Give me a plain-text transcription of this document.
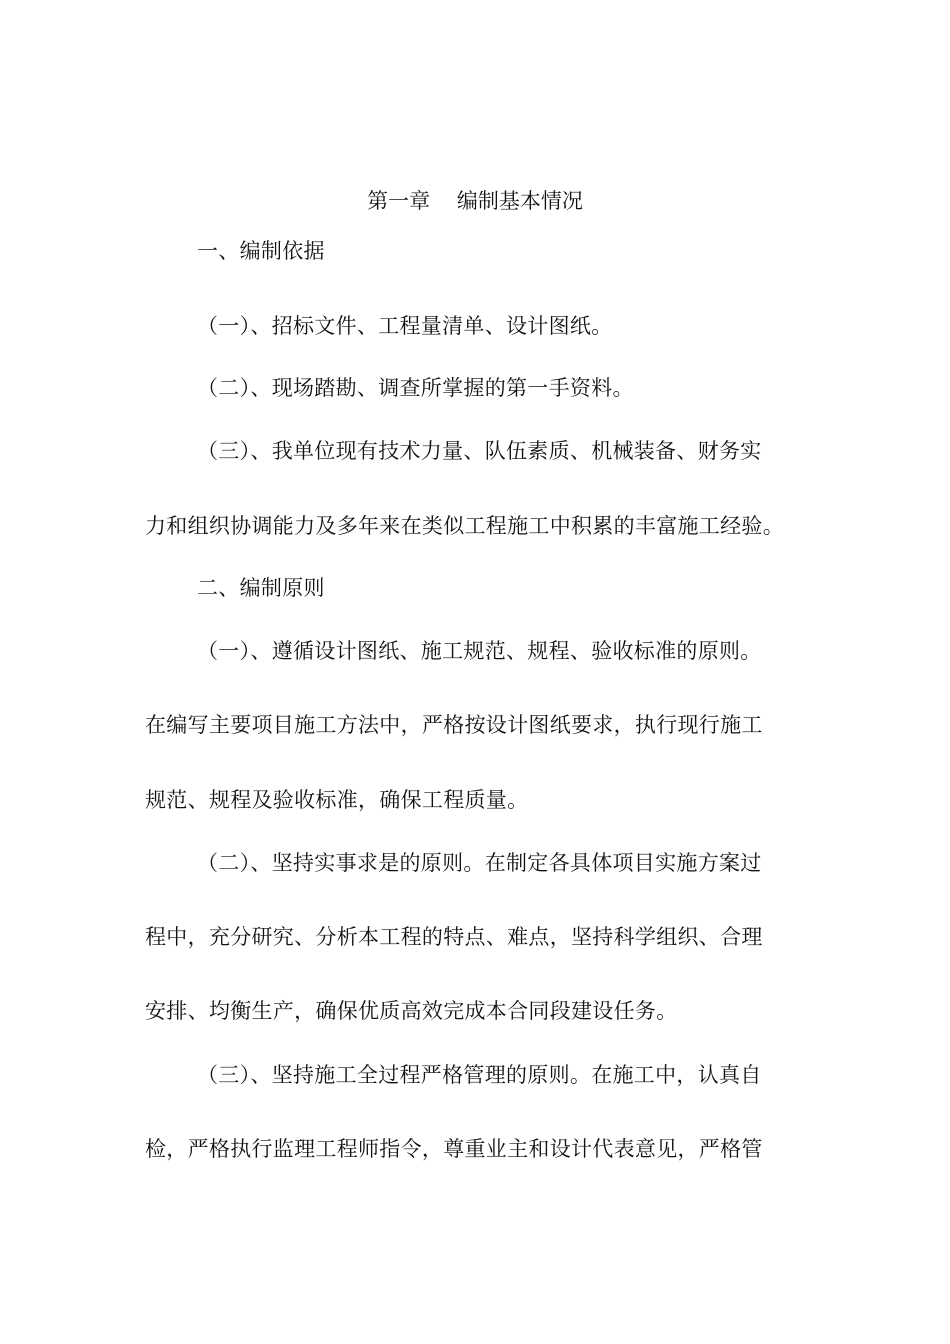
第一章    编制基本情况
一、编制依据
（一）、招标文件、工程量清单、设计图纸。
（二）、现场踏勘、调查所掌握的第一手资料。
（三）、我单位现有技术力量、队伍素质、机械装备、财务实
力和组织协调能力及多年来在类似工程施工中积累的丰富施工经验。
二、编制原则
（一）、遵循设计图纸、施工规范、规程、验收标准的原则。
在编写主要项目施工方法中，严格按设计图纸要求，执行现行施工
规范、规程及验收标准，确保工程质量。
（二）、坚持实事求是的原则。在制定各具体项目实施方案过
程中，充分研究、分析本工程的特点、难点，坚持科学组织、合理
安排、均衡生产，确保优质高效完成本合同段建设任务。
（三）、坚持施工全过程严格管理的原则。在施工中，认真自
检，严格执行监理工程师指令，尊重业主和设计代表意见，严格管
